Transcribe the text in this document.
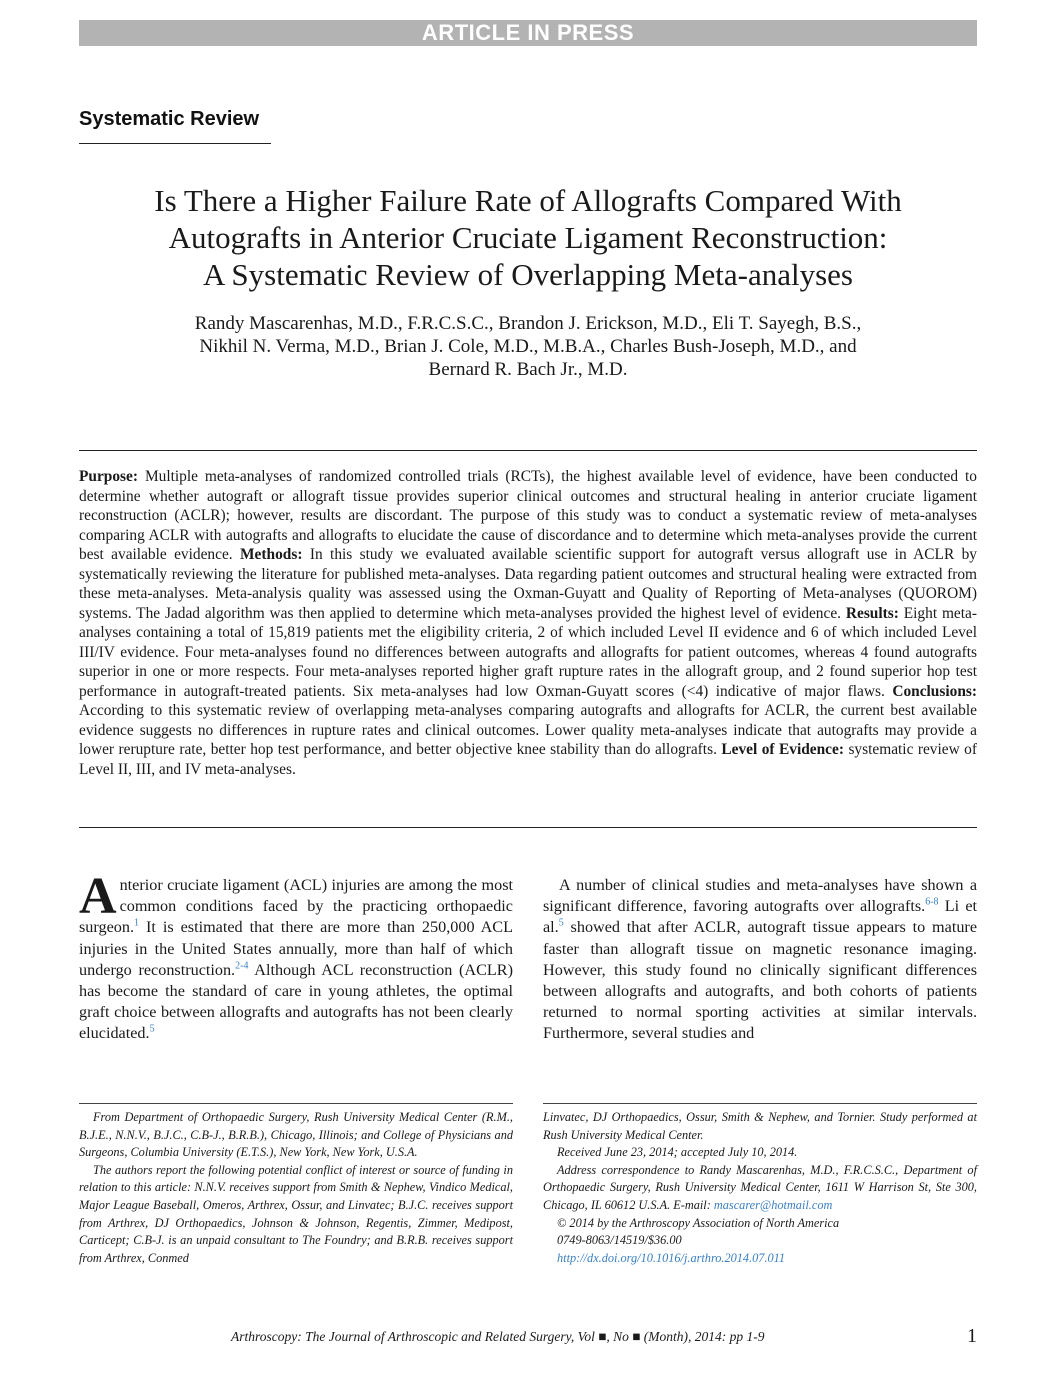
ARTICLE IN PRESS
Systematic Review
Is There a Higher Failure Rate of Allografts Compared With
Autografts in Anterior Cruciate Ligament Reconstruction:
A Systematic Review of Overlapping Meta-analyses
Randy Mascarenhas, M.D., F.R.C.S.C., Brandon J. Erickson, M.D., Eli T. Sayegh, B.S.,
Nikhil N. Verma, M.D., Brian J. Cole, M.D., M.B.A., Charles Bush-Joseph, M.D., and
Bernard R. Bach Jr., M.D.
Purpose: Multiple meta-analyses of randomized controlled trials (RCTs), the highest available level of evidence, have been conducted to determine whether autograft or allograft tissue provides superior clinical outcomes and structural healing in anterior cruciate ligament reconstruction (ACLR); however, results are discordant. The purpose of this study was to conduct a systematic review of meta-analyses comparing ACLR with autografts and allografts to elucidate the cause of discordance and to determine which meta-analyses provide the current best available evidence. Methods: In this study we evaluated available scientific support for autograft versus allograft use in ACLR by systematically reviewing the literature for published meta-analyses. Data regarding patient outcomes and structural healing were extracted from these meta-analyses. Meta-analysis quality was assessed using the Oxman-Guyatt and Quality of Reporting of Meta-analyses (QUOROM) systems. The Jadad algorithm was then applied to determine which meta-analyses provided the highest level of evidence. Results: Eight meta-analyses containing a total of 15,819 patients met the eligibility criteria, 2 of which included Level II evidence and 6 of which included Level III/IV evidence. Four meta-analyses found no differences between autografts and allografts for patient outcomes, whereas 4 found autografts superior in one or more respects. Four meta-analyses reported higher graft rupture rates in the allograft group, and 2 found superior hop test performance in autograft-treated patients. Six meta-analyses had low Oxman-Guyatt scores (<4) indicative of major flaws. Conclusions: According to this systematic review of overlapping meta-analyses comparing autografts and allografts for ACLR, the current best available evidence suggests no differences in rupture rates and clinical outcomes. Lower quality meta-analyses indicate that autografts may provide a lower rerupture rate, better hop test performance, and better objective knee stability than do allografts. Level of Evidence: systematic review of Level II, III, and IV meta-analyses.
Anterior cruciate ligament (ACL) injuries are among the most common conditions faced by the practicing orthopaedic surgeon.$^1$ It is estimated that there are more than 250,000 ACL injuries in the United States annually, more than half of which undergo reconstruction.$^{2-4}$ Although ACL reconstruction (ACLR) has become the standard of care in young athletes, the optimal graft choice between allografts and autografts has not been clearly elucidated.$^5$
A number of clinical studies and meta-analyses have shown a significant difference, favoring autografts over allografts.$^{6-8}$ Li et al.$^5$ showed that after ACLR, autograft tissue appears to mature faster than allograft tissue on magnetic resonance imaging. However, this study found no clinically significant differences between allografts and autografts, and both cohorts of patients returned to normal sporting activities at similar intervals. Furthermore, several studies and

From Department of Orthopaedic Surgery, Rush University Medical Center (R.M., B.J.E., N.N.V., B.J.C., C.B-J., B.R.B.), Chicago, Illinois; and College of Physicians and Surgeons, Columbia University (E.T.S.), New York, New York, U.S.A.

The authors report the following potential conflict of interest or source of funding in relation to this article: N.N.V. receives support from Smith & Nephew, Vindico Medical, Major League Baseball, Omeros, Arthrex, Ossur, and Linvatec; B.J.C. receives support from Arthrex, DJ Orthopaedics, Johnson & Johnson, Regentis, Zimmer, Medipost, Carticept; C.B-J. is an unpaid consultant to The Foundry; and B.R.B. receives support from Arthrex, Conmed

Linvatec, DJ Orthopaedics, Ossur, Smith & Nephew, and Tornier. Study performed at Rush University Medical Center.

Received June 23, 2014; accepted July 10, 2014.

Address correspondence to Randy Mascarenhas, M.D., F.R.C.S.C., Department of Orthopaedic Surgery, Rush University Medical Center, 1611 W Harrison St, Ste 300, Chicago, IL 60612 U.S.A. E-mail: mascarer@hotmail.com

© 2014 by the Arthroscopy Association of North America

0749-8063/14519/$36.00

http://dx.doi.org/10.1016/j.arthro.2014.07.011

Arthroscopy: The Journal of Arthroscopic and Related Surgery, Vol ■, No ■ (Month), 2014: pp 1-9	1
